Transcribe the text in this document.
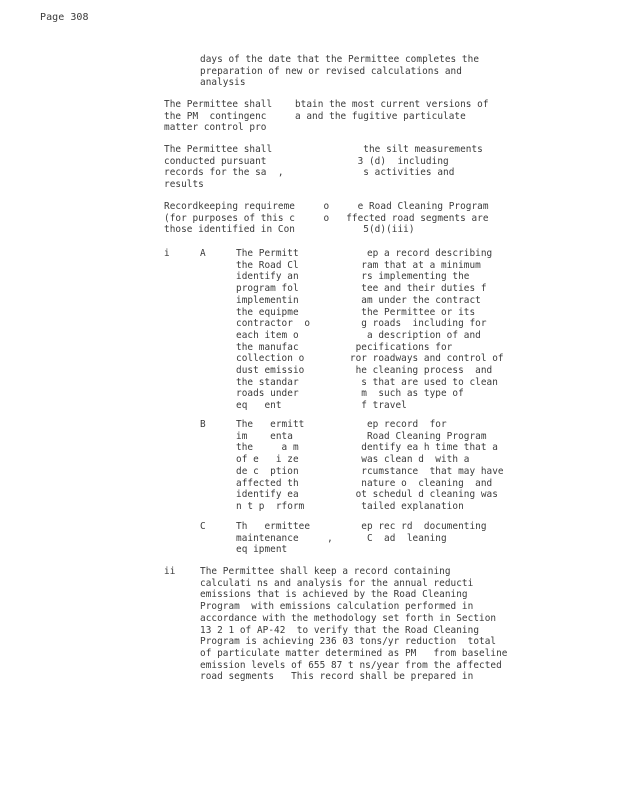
Page 308
days of the date that the Permittee completes the
preparation of new or revised calculations and
analysis
The Permittee shall    btain the most current versions of
the PM  contingenc     a and the fugitive particulate
matter control pro
The Permittee shall                the silt measurements
conducted pursuant                3 (d)  including
records for the sa  ,              s activities and
results
Recordkeeping requireme     o     e Road Cleaning Program
(for purposes of this c     o   ffected road segments are
those identified in Con            5(d)(iii)
i	A	The Permitt            ep a record describing
the Road Cl           ram that at a minimum
identify an           rs implementing the
program fol           tee and their duties f
implementin           am under the contract
the equipme           the Permittee or its
contractor  o         g roads  including for
each item o            a description of and
the manufac          pecifications for
collection o        ror roadways and control of
dust emissio         he cleaning process  and
the standar           s that are used to clean
roads under           m  such as type of
eq   ent              f travel
B	The   ermitt           ep record  for
im    enta             Road Cleaning Program
the     a m           dentify ea h time that a
of e   i ze           was clean d  with a
de c  ption           rcumstance  that may have
affected th           nature o  cleaning  and
identify ea          ot schedul d cleaning was
n t p  rform          tailed explanation
C	Th   ermittee         ep rec rd  documenting
maintenance     ,      C  ad  leaning
eq ipment
ii	The Permittee shall keep a record containing
calculati ns and analysis for the annual reducti
emissions that is achieved by the Road Cleaning
Program  with emissions calculation performed in
accordance with the methodology set forth in Section
13 2 1 of AP-42  to verify that the Road Cleaning
Program is achieving 236 03 tons/yr reduction  total
of particulate matter determined as PM   from baseline
emission levels of 655 87 t ns/year from the affected
road segments   This record shall be prepared in
